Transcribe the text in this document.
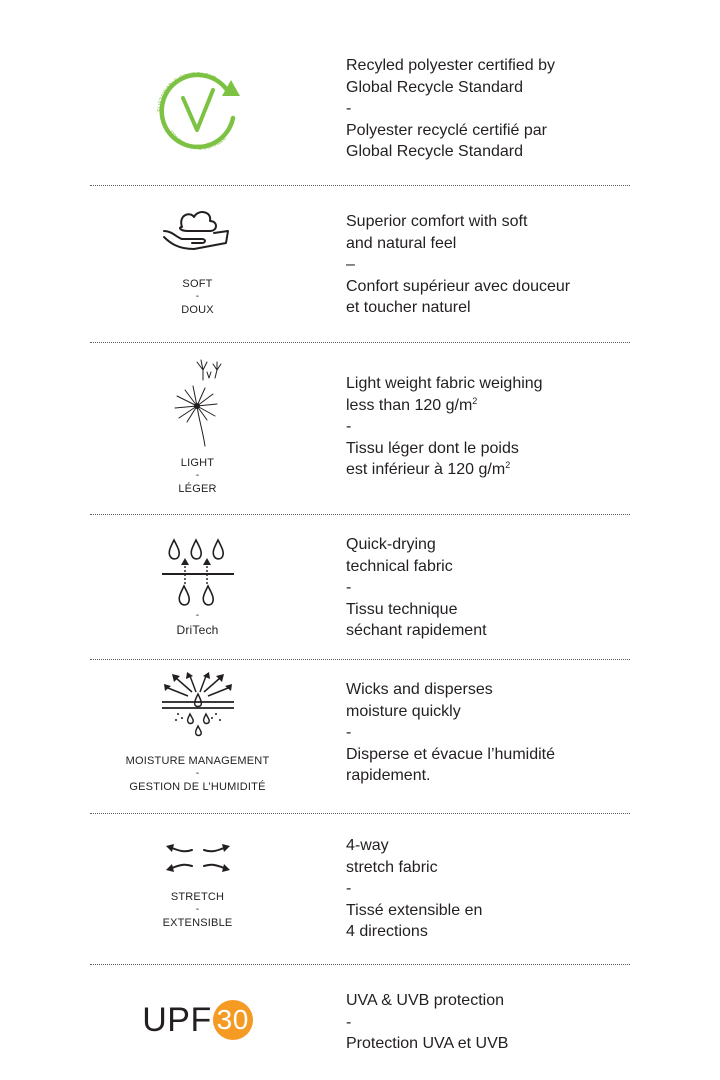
SUSTAINABLE COMPONENT
COMPOSANTE DURABLE
Recyled polyester certified by
Global Recycle Standard
-
Polyester recyclé certifié par
Global Recycle Standard
SOFT
-
DOUX
Superior comfort with soft
and natural feel
–
Confort supérieur avec douceur
et toucher naturel
LIGHT
-
LÉGER
Light weight fabric weighing
less than 120 $g/m^2$
-
Tissu léger dont le poids
est inférieur à 120 $g/m^2$
-
DriTech
Quick-drying
technical fabric
-
Tissu technique
séchant rapidement
MOISTURE MANAGEMENT
-
GESTION DE L’HUMIDITÉ
Wicks and disperses
moisture quickly
-
Disperse et évacue l’humidité
rapidement.
STRETCH
-
EXTENSIBLE
4-way
stretch fabric
-
Tissé extensible en
4 directions
UPF 30
UVA & UVB protection
-
Protection UVA et UVB
